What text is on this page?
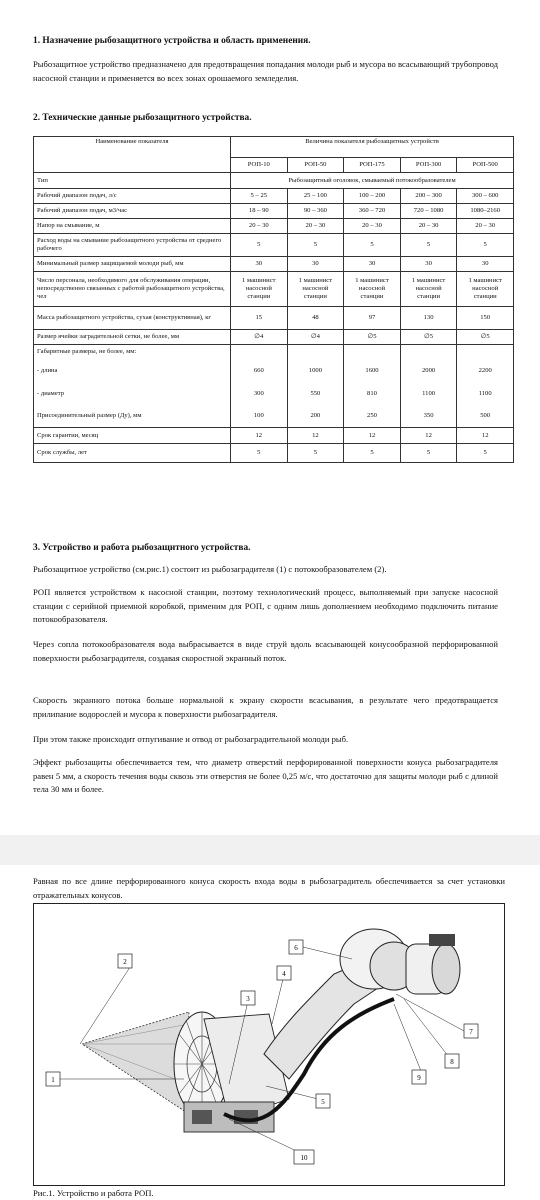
1. Назначение рыбозащитного устройства и область применения.

Рыбозащитное устройство предназначено для предотвращения попадания молоди рыб и мусора во всасывающий трубопровод насосной станции и применяется во всех зонах орошаемого земледелия.

2. Технические данные рыбозащитного устройства.

Наименование показателя	Величина показателя рыбозащитных устройств				
	РОП-10	РОП-50	РОП-175	РОП-300	РОП-500
Тип	Рыбозащитный оголовок, смываемый потокообразователем				
Рабочий диапазон подач, л/с	5 – 25	25 – 100	100 – 200	200 – 300	300 – 600
Рабочий диапазон подач, м3/час	18 – 90	90 – 360	360 – 720	720 – 1080	1080–2160
Напор на смывание, м	20 – 30	20 – 30	20 – 30	20 – 30	20 – 30
Расход воды на смывание рыбозащитного устройства от среднего рабочего	5	5	5	5	5
Минимальный размер защищаемой молоди рыб, мм	30	30	30	30	30
Число персонала, необходимого для обслуживания операции, непосредственно связанных с работой рыбозащитного устройства, чел	1 машинист насосной станции	1 машинист насосной станции	1 машинист насосной станции	1 машинист насосной станции	1 машинист насосной станции
Масса рыбозащитного устройства, сухая (конструктивная), кг	15	48	97	130	150
Размер ячейки заградительной сетки, не более, мм	∅4	∅4	∅5	∅5	∅5
Габаритные размеры, не более, мм:					
- длина	660	1000	1600	2000	2200
- диаметр	300	550	810	1100	1100
Присоединительный размер (Ду), мм	100	200	250	350	500
Срок гарантии, месяц	12	12	12	12	12
Срок службы, лет	5	5	5	5	5

3. Устройство и работа рыбозащитного устройства.

Рыбозащитное устройство (см.рис.1) состоит из рыбозаградителя (1) с потокообразователем (2).

РОП является устройством к насосной станции, поэтому технологический процесс, выполняемый при запуске насосной станции с серийной приемной коробкой, применим для РОП, с одним лишь дополнением необходимо подключить питание потокообразователя.

Через сопла потокообразователя вода выбрасывается в виде струй вдоль всасывающей конусообразной перфорированной поверхности рыбозаградителя, создавая скоростной экранный поток.

Скорость экранного потока больше нормальной к экрану скорости всасывания, в результате чего предотвращается прилипание водорослей и мусора к поверхности рыбозаградителя.

При этом также происходит отпугивание и отвод от рыбозаградительной молоди рыб.

Эффект рыбозащиты обеспечивается тем, что диаметр отверстий перфорированной поверхности конуса рыбозаградителя равен 5 мм, а скорость течения воды сквозь эти отверстия не более 0,25 м/с, что достаточно для защиты молоди рыб с длиной тела 30 мм и более.

Равная по все длине перфорированного конуса скорость входа воды в рыбозаградитель обеспечивается за счет установки отражательных конусов.

1
2
3
4
5
6
7
8
9
10

Рис.1. Устройство и работа РОП.
